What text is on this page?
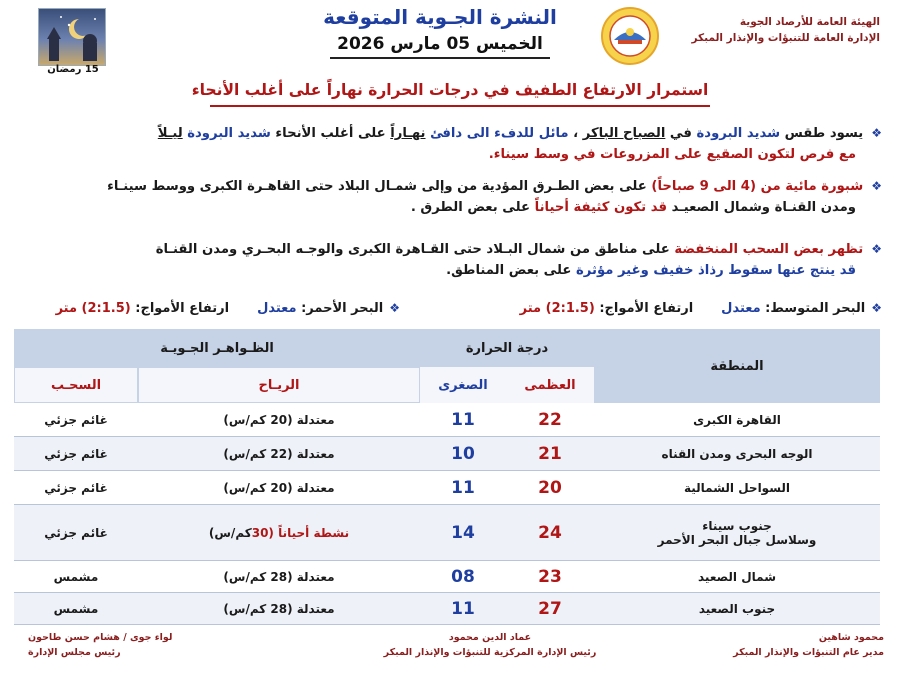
الهيئة العامة للأرصاد الجوية
الإدارة العامة للتنبؤات والإنذار المبكر
النشرة الجـوية المتوقعة
الخميس 05 مارس 2026
15 رمضان
استمرار الارتفاع الطفيف في درجات الحرارة نهاراً على أغلب الأنحاء
❖يسود طقس شديد البرودة في الصباح الباكر ، مائل للدفء الى دافئ نهـاراً على أغلب الأنحاء شديد البرودة ليـلاً
مع فرص لتكون الصقيع على المزروعات في وسط سيناء.
❖شبورة مائية من (4 الى 9 صباحاً) على بعض الطـرق المؤدية من وإلى شمـال البلاد حتى القاهـرة الكبرى ووسط سينـاء
ومدن القنـاة وشمال الصعيـد قد تكون كثيفة أحياناً على بعض الطرق .
❖تظهر بعض السحب المنخفضة على مناطق من شمال البـلاد حتى القـاهرة الكبرى والوجـه البحـري ومدن القنـاة
قد ينتج عنها سقوط رذاذ خفيف وغير مؤثرة على بعض المناطق.
❖البحر المتوسط: معتدلارتفاع الأمواج: (2:1.5) متر
❖البحر الأحمر: معتدلارتفاع الأمواج: (2:1.5) متر
المنطقة
درجة الحرارة
العظمى
الصغرى
الظـواهـر الجـويـة
الريـاح
السحـب
القاهرة الكبرى
22
11
معتدلة (20 كم/س)
غائم جزئي
الوجه البحرى ومدن القناه
21
10
معتدلة (22 كم/س)
غائم جزئي
السواحل الشمالية
20
11
معتدلة (20 كم/س)
غائم جزئي
جنوب سيناء
وسلاسل جبال البحر الأحمر
24
14
نشطة أحياناً (
30
كم/س)
غائم جزئي
شمال الصعيد
23
08
معتدلة (28 كم/س)
مشمس
جنوب الصعيد
27
11
معتدلة (28 كم/س)
مشمس
محمود شاهين
مدير عام التنبؤات والإنذار المبكر
عماد الدين محمود
رئيس الإدارة المركزية للتنبؤات والإنذار المبكر
لواء جوى / هشام حسن طاحون
رئيس مجلس الإدارة
